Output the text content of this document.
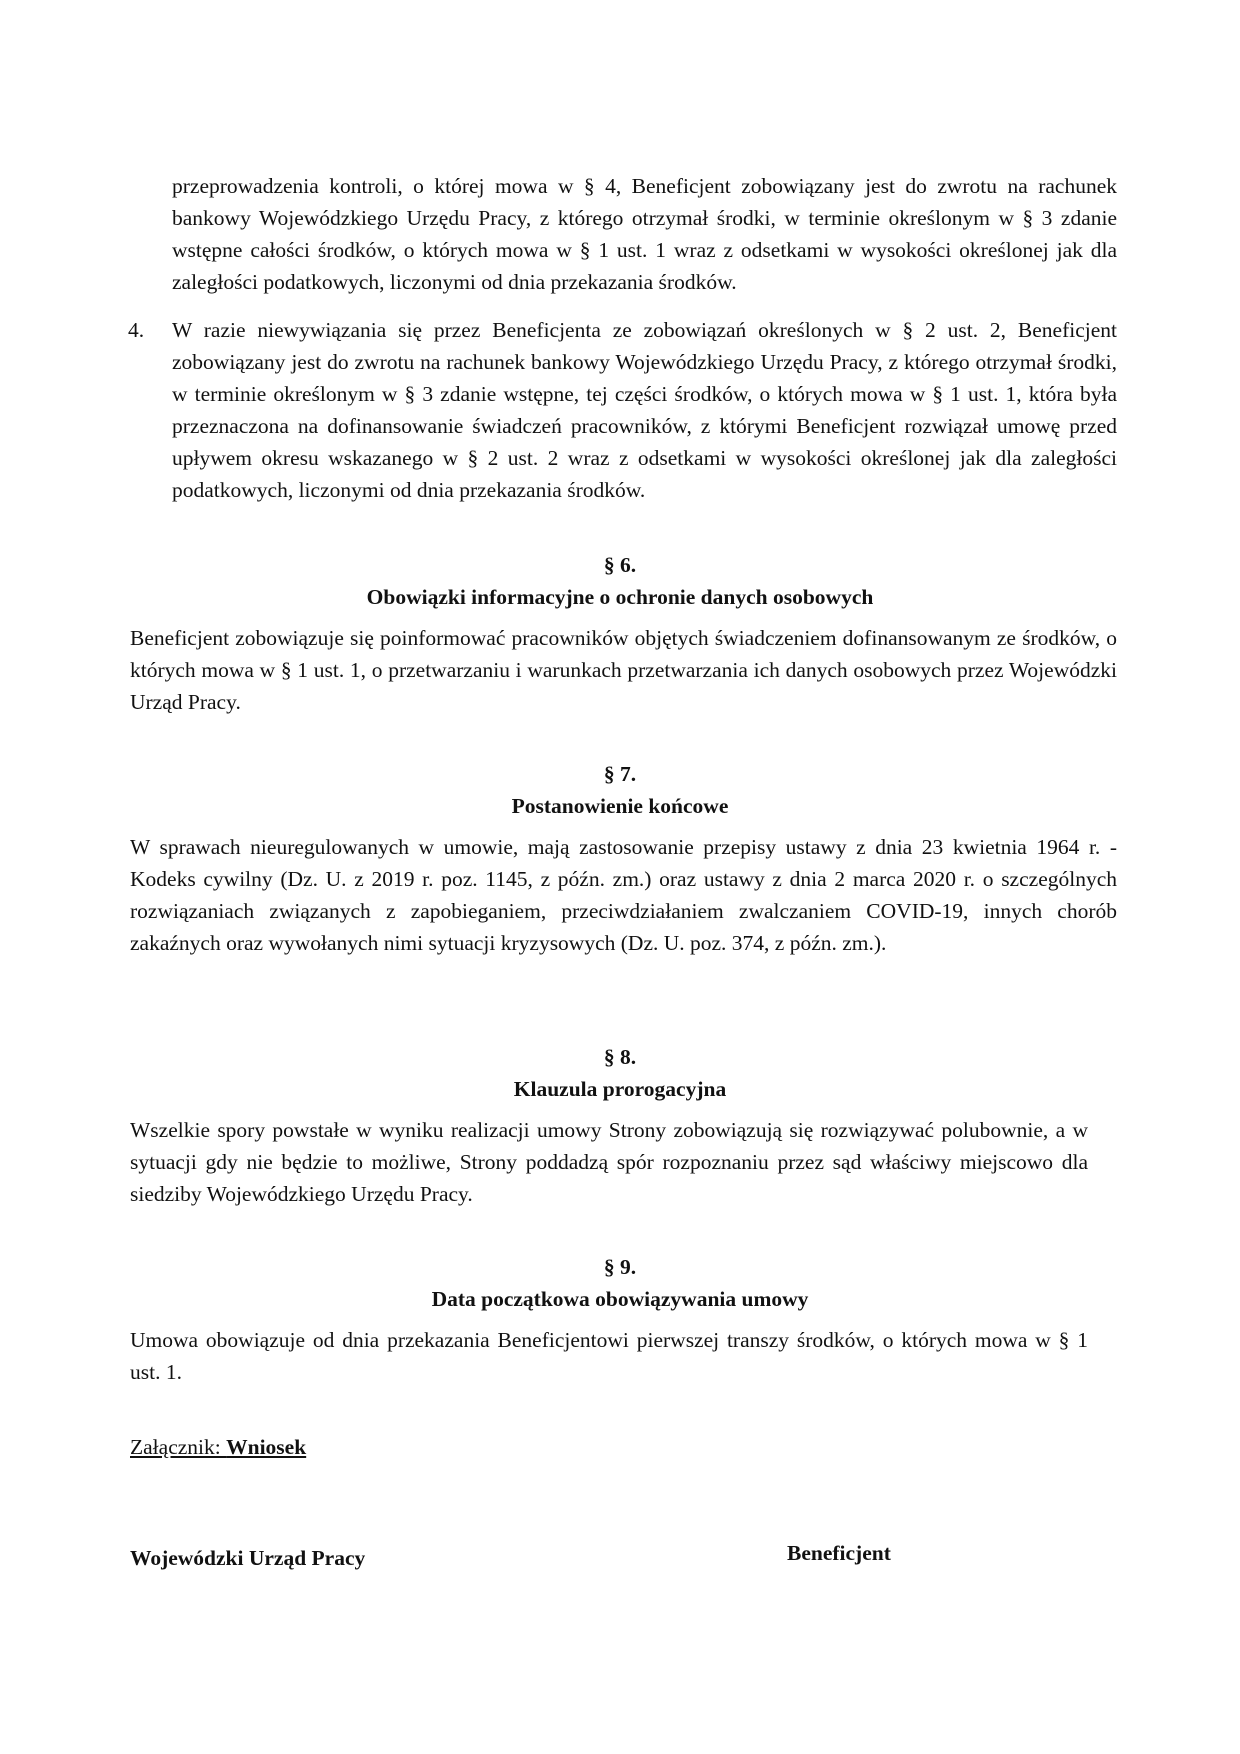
przeprowadzenia kontroli, o której mowa w § 4, Beneficjent zobowiązany jest do zwrotu na rachunek bankowy Wojewódzkiego Urzędu Pracy, z którego otrzymał środki, w terminie określonym w § 3 zdanie wstępne całości środków, o których mowa w § 1 ust. 1 wraz z odsetkami w wysokości określonej jak dla zaległości podatkowych, liczonymi od dnia przekazania środków.

4. W razie niewywiązania się przez Beneficjenta ze zobowiązań określonych w § 2 ust. 2, Beneficjent zobowiązany jest do zwrotu na rachunek bankowy Wojewódzkiego Urzędu Pracy, z którego otrzymał środki, w terminie określonym w § 3 zdanie wstępne, tej części środków, o których mowa w § 1 ust. 1, która była przeznaczona na dofinansowanie świadczeń pracowników, z którymi Beneficjent rozwiązał umowę przed upływem okresu wskazanego w § 2 ust. 2 wraz z odsetkami w wysokości określonej jak dla zaległości podatkowych, liczonymi od dnia przekazania środków.

§ 6.
Obowiązki informacyjne o ochronie danych osobowych

Beneficjent zobowiązuje się poinformować pracowników objętych świadczeniem dofinansowanym ze środków, o których mowa w § 1 ust. 1, o przetwarzaniu i warunkach przetwarzania ich danych osobowych przez Wojewódzki Urząd Pracy.

§ 7.
Postanowienie końcowe

W sprawach nieuregulowanych w umowie, mają zastosowanie przepisy ustawy z dnia 23 kwietnia 1964 r. - Kodeks cywilny (Dz. U. z 2019 r. poz. 1145, z późn. zm.) oraz ustawy z dnia 2 marca 2020 r. o szczególnych rozwiązaniach związanych z zapobieganiem, przeciwdziałaniem zwalczaniem COVID-19, innych chorób zakaźnych oraz wywołanych nimi sytuacji kryzysowych (Dz. U. poz. 374, z późn. zm.).

§ 8.
Klauzula prorogacyjna

Wszelkie spory powstałe w wyniku realizacji umowy Strony zobowiązują się rozwiązywać polubownie, a w sytuacji gdy nie będzie to możliwe, Strony poddadzą spór rozpoznaniu przez sąd właściwy miejscowo dla siedziby Wojewódzkiego Urzędu Pracy.

§ 9.
Data początkowa obowiązywania umowy

Umowa obowiązuje od dnia przekazania Beneficjentowi pierwszej transzy środków, o których mowa w § 1 ust. 1.

Załącznik: Wniosek
Wojewódzki Urząd Pracy	Beneficjent
